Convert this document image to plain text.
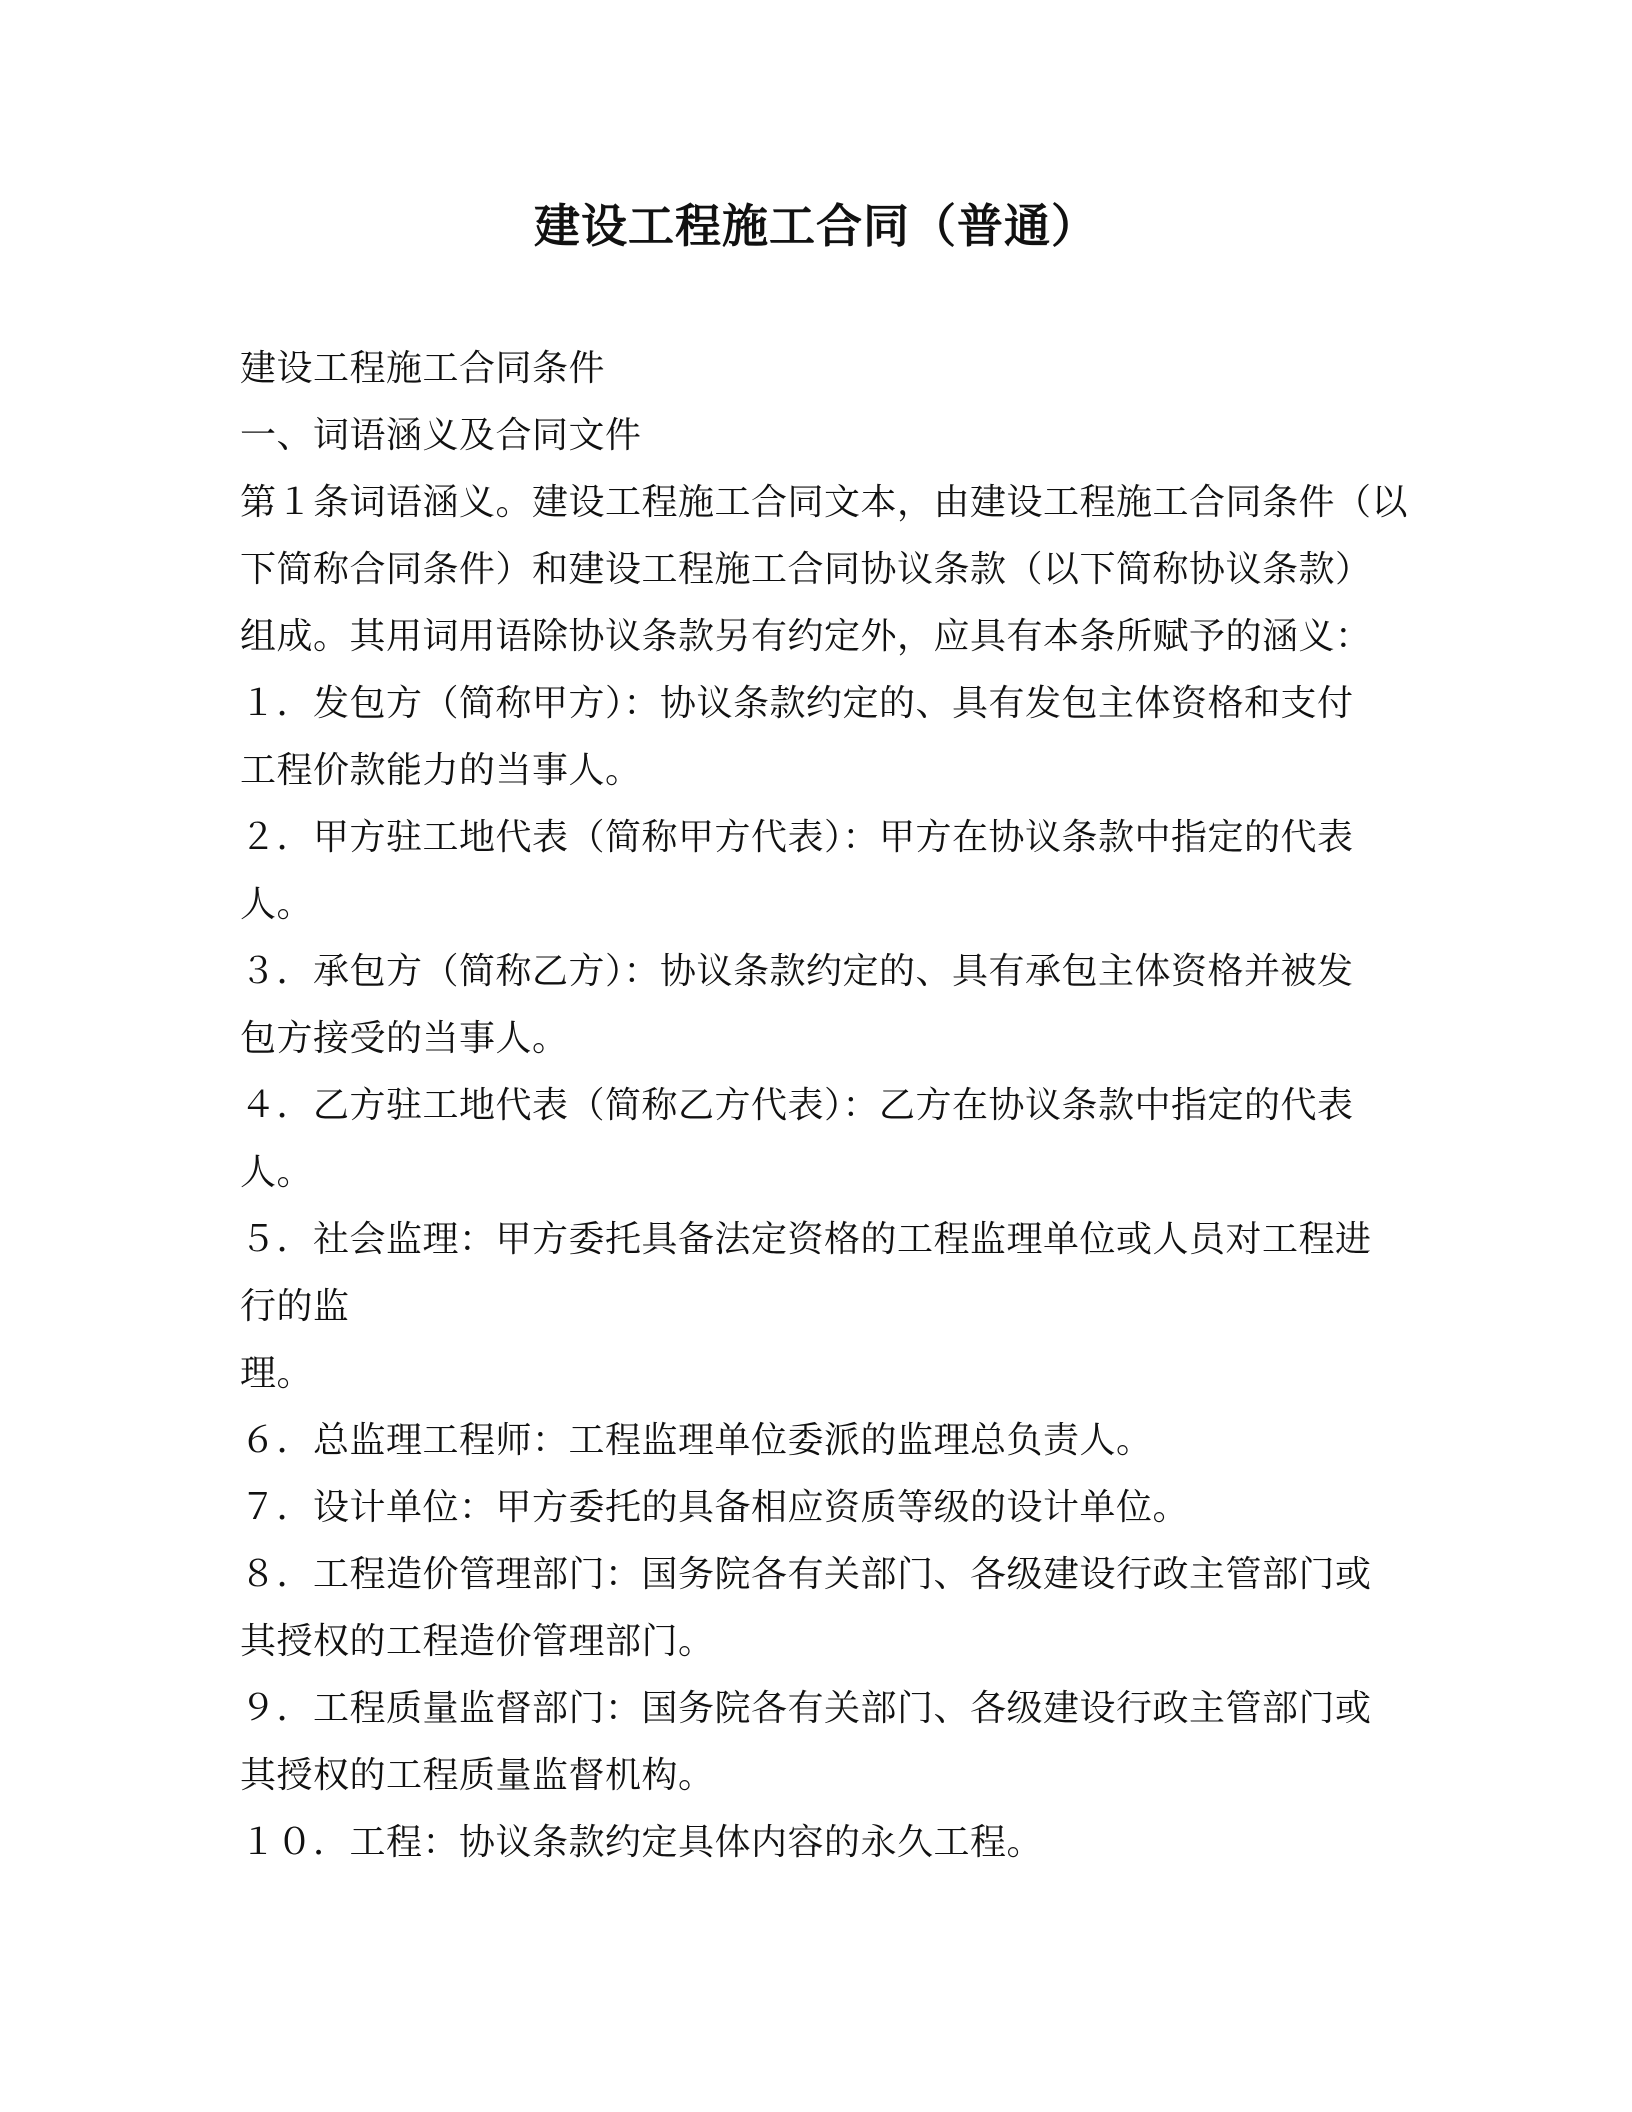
建设工程施工合同（普通）
建设工程施工合同条件
一、词语涵义及合同文件
第１条词语涵义。建设工程施工合同文本，由建设工程施工合同条件（以
下简称合同条件）和建设工程施工合同协议条款（以下简称协议条款）
组成。其用词用语除协议条款另有约定外，应具有本条所赋予的涵义：
１．发包方（简称甲方）：协议条款约定的、具有发包主体资格和支付
工程价款能力的当事人。
２．甲方驻工地代表（简称甲方代表）：甲方在协议条款中指定的代表
人。
３．承包方（简称乙方）：协议条款约定的、具有承包主体资格并被发
包方接受的当事人。
４．乙方驻工地代表（简称乙方代表）：乙方在协议条款中指定的代表
人。
５．社会监理：甲方委托具备法定资格的工程监理单位或人员对工程进
行的监
理。
６．总监理工程师：工程监理单位委派的监理总负责人。
７．设计单位：甲方委托的具备相应资质等级的设计单位。
８．工程造价管理部门：国务院各有关部门、各级建设行政主管部门或
其授权的工程造价管理部门。
９．工程质量监督部门：国务院各有关部门、各级建设行政主管部门或
其授权的工程质量监督机构。
１０．工程：协议条款约定具体内容的永久工程。
